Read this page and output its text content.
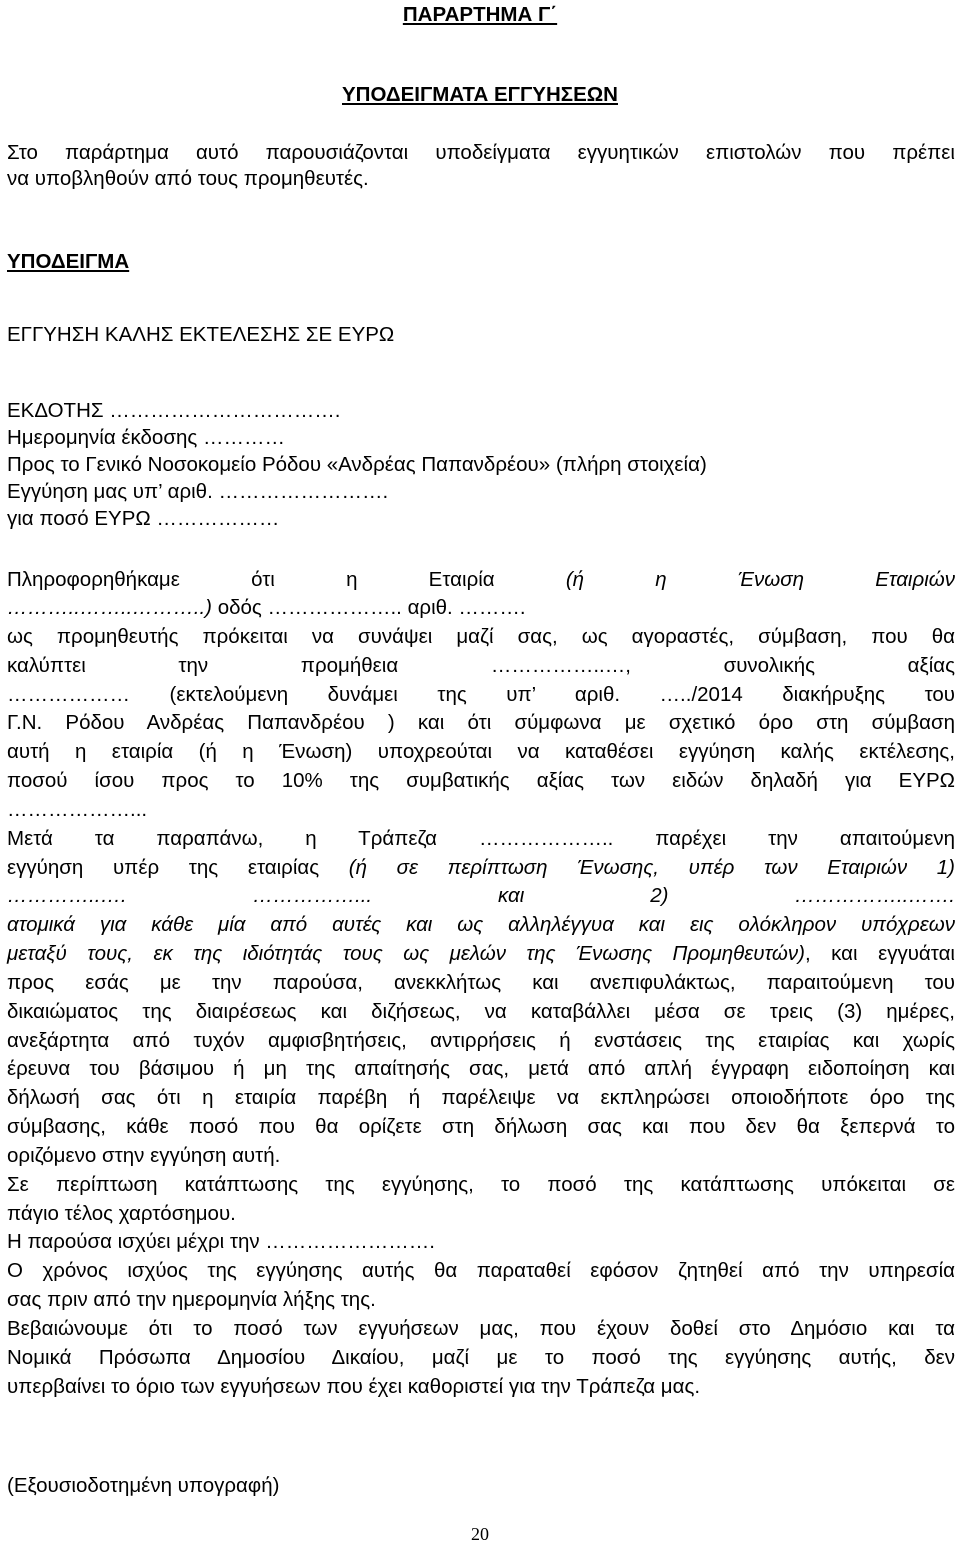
ΠΑΡΑΡΤΗΜΑ Γ΄
ΥΠΟΔΕΙΓΜΑΤΑ ΕΓΓΥΗΣΕΩΝ
Στο παράρτημα αυτό παρουσιάζονται υποδείγματα εγγυητικών επιστολών που πρέπει
να υποβληθούν από τους προμηθευτές.
ΥΠΟΔΕΙΓΜΑ
ΕΓΓΥΗΣΗ ΚΑΛΗΣ ΕΚΤΕΛΕΣΗΣ ΣΕ ΕΥΡΩ
ΕΚΔΟΤΗΣ …………………………….
Ημερομηνία έκδοσης …………
Προς το Γενικό Νοσοκομείο Ρόδου «Ανδρέας Παπανδρέου» (πλήρη στοιχεία)
Εγγύηση μας υπ’ αριθ. …………………….
για ποσό ΕΥΡΩ ………………
Πληροφορηθήκαμε ότι η Εταιρία (ή η Ένωση Εταιριών
………..……..………..) οδός ……………….. αριθ. ……….
ως προμηθευτής πρόκειται να συνάψει μαζί σας, ως αγοραστές, σύμβαση, που θα
καλύπτει την προμήθεια ……………..…, συνολικής αξίας
……………… (εκτελούμενη δυνάμει της υπ’ αριθ. …../2014 διακήρυξης του
Γ.Ν. Ρόδου Ανδρέας Παπανδρέου ) και ότι σύμφωνα με σχετικό όρο στη σύμβαση
αυτή η εταιρία (ή η Ένωση) υποχρεούται να καταθέσει εγγύηση καλής εκτέλεσης,
ποσού ίσου προς το 10% της συμβατικής αξίας των ειδών δηλαδή για ΕΥΡΩ
………………...
Μετά τα παραπάνω, η Τράπεζα ……………….. παρέχει την απαιτούμενη
εγγύηση υπέρ της εταιρίας (ή σε περίπτωση Ένωσης, υπέρ των Εταιριών 1)
…………..…. ……………... και 2) ……………..…….
ατομικά για κάθε μία από αυτές και ως αλληλέγγυα και εις ολόκληρον υπόχρεων
μεταξύ τους, εκ της ιδιότητάς τους ως μελών της Ένωσης Προμηθευτών), και εγγυάται
προς εσάς με την παρούσα, ανεκκλήτως και ανεπιφυλάκτως, παραιτούμενη του
δικαιώματος της διαιρέσεως και διζήσεως, να καταβάλλει μέσα σε τρεις (3) ημέρες,
ανεξάρτητα από τυχόν αμφισβητήσεις, αντιρρήσεις ή ενστάσεις της εταιρίας και χωρίς
έρευνα του βάσιμου ή μη της απαίτησής σας, μετά από απλή έγγραφη ειδοποίηση και
δήλωσή σας ότι η εταιρία παρέβη ή παρέλειψε να εκπληρώσει οποιοδήποτε όρο της
σύμβασης, κάθε ποσό που θα ορίζετε στη δήλωση σας και που δεν θα ξεπερνά το
οριζόμενο στην εγγύηση αυτή.
Σε περίπτωση κατάπτωσης της εγγύησης, το ποσό της κατάπτωσης υπόκειται σε
πάγιο τέλος χαρτόσημου.
Η παρούσα ισχύει μέχρι την …………………….
Ο χρόνος ισχύος της εγγύησης αυτής θα παραταθεί εφόσον ζητηθεί από την υπηρεσία
σας πριν από την ημερομηνία λήξης της.
Βεβαιώνουμε ότι το ποσό των εγγυήσεων μας, που έχουν δοθεί στο Δημόσιο και τα
Νομικά Πρόσωπα Δημοσίου Δικαίου, μαζί με το ποσό της εγγύησης αυτής, δεν
υπερβαίνει το όριο των εγγυήσεων που έχει καθοριστεί για την Τράπεζα μας.
(Εξουσιοδοτημένη υπογραφή)
20
